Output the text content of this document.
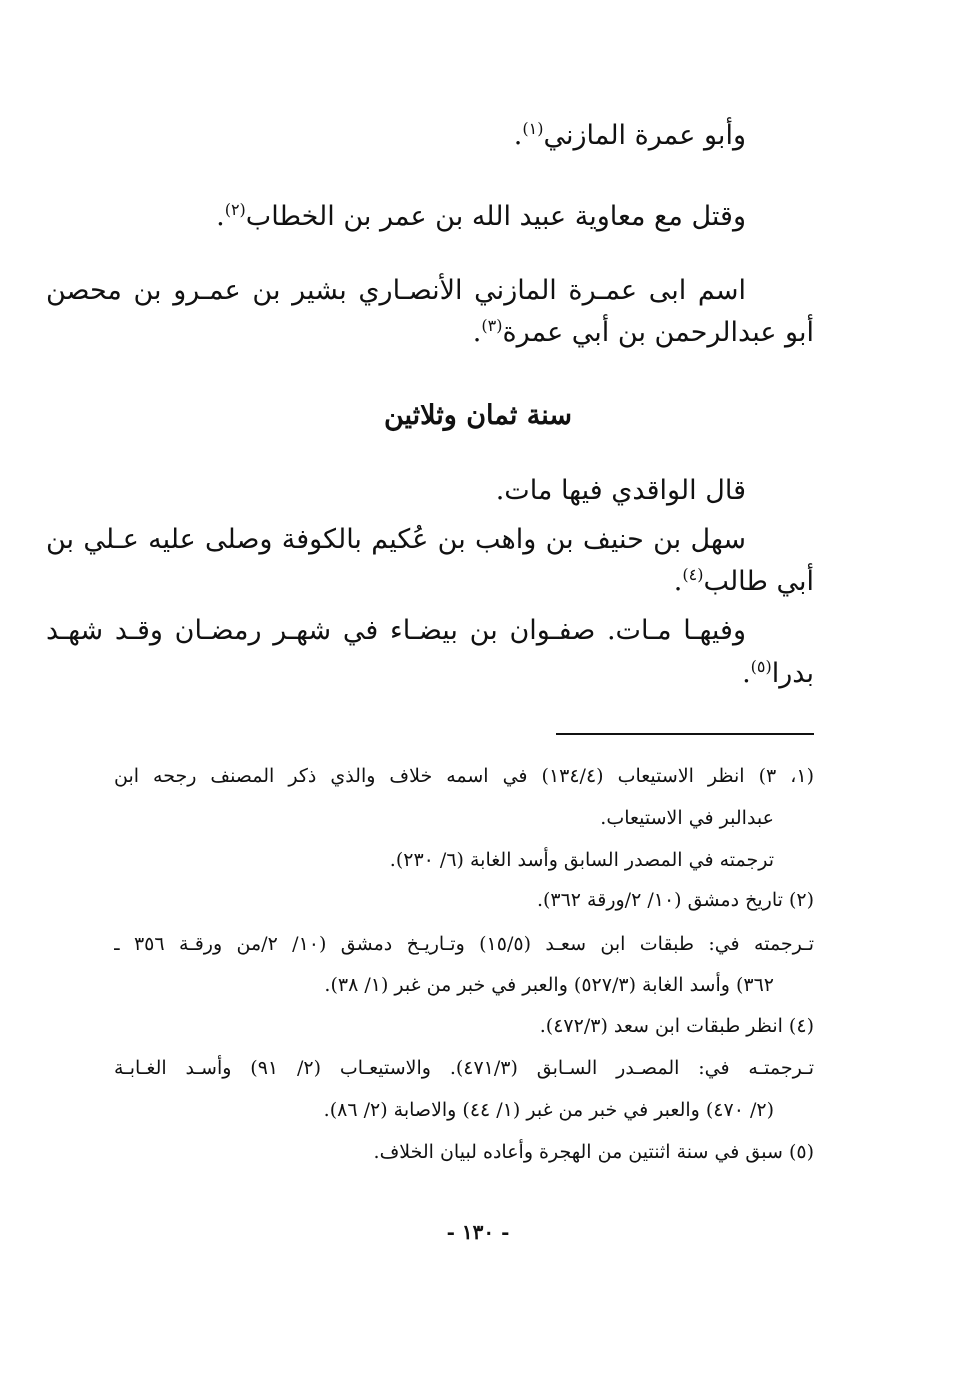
وأبو عمرة المازني$^{(١)}$.
وقتل مع معاوية عبيد الله بن عمر بن الخطاب$^{(٢)}$.
اسم ابى عمـرة المازني الأنصـاري بشير بن عمـرو بن محصن
أبو عبدالرحمن بن أبي عمرة$^{(٣)}$.
سنة ثمان وثلاثين
قال الواقدي فيها مات.
سهل بن حنيف بن واهب بن عُكيم بالكوفة وصلى عليه عـلي بن
أبي طالب$^{(٤)}$.
وفيهـا مـات. صفـوان بن بيضـاء في شهـر رمضـان وقـد شهـد
بدرا$^{(٥)}$.
(١، ٣) انظر الاستيعاب (١٣٤/٤) في اسمه خلاف والذي ذكر المصنف رجحه ابن
عبدالبر في الاستيعاب.
ترجمته في المصدر السابق وأسد الغابة (٦/ ٢٣٠).
(٢) تاريخ دمشق (١٠/ ٢/ورقة ٣٦٢).
تـرجمته في: طبقات ابن سعـد (١٥/٥) وتـاريـخ دمشق (١٠/ ٢/من ورقـة ٣٥٦ ـ
٣٦٢) وأسد الغابة (٥٢٧/٣) والعبر في خبر من غبر (١/ ٣٨).
(٤) انظر طبقات ابن سعد (٤٧٢/٣).
تـرجمتـه في: المصـدر السـابق (٤٧١/٣). والاستيعـاب (٢/ ٩١) وأسـد الغـابـة
(٢/ ٤٧٠) والعبر في خبر من غبر (١/ ٤٤) والاصابة (٢/ ٨٦).
(٥) سبق في سنة اثنتين من الهجرة وأعاده لبيان الخلاف.
- ١٣٠ -
